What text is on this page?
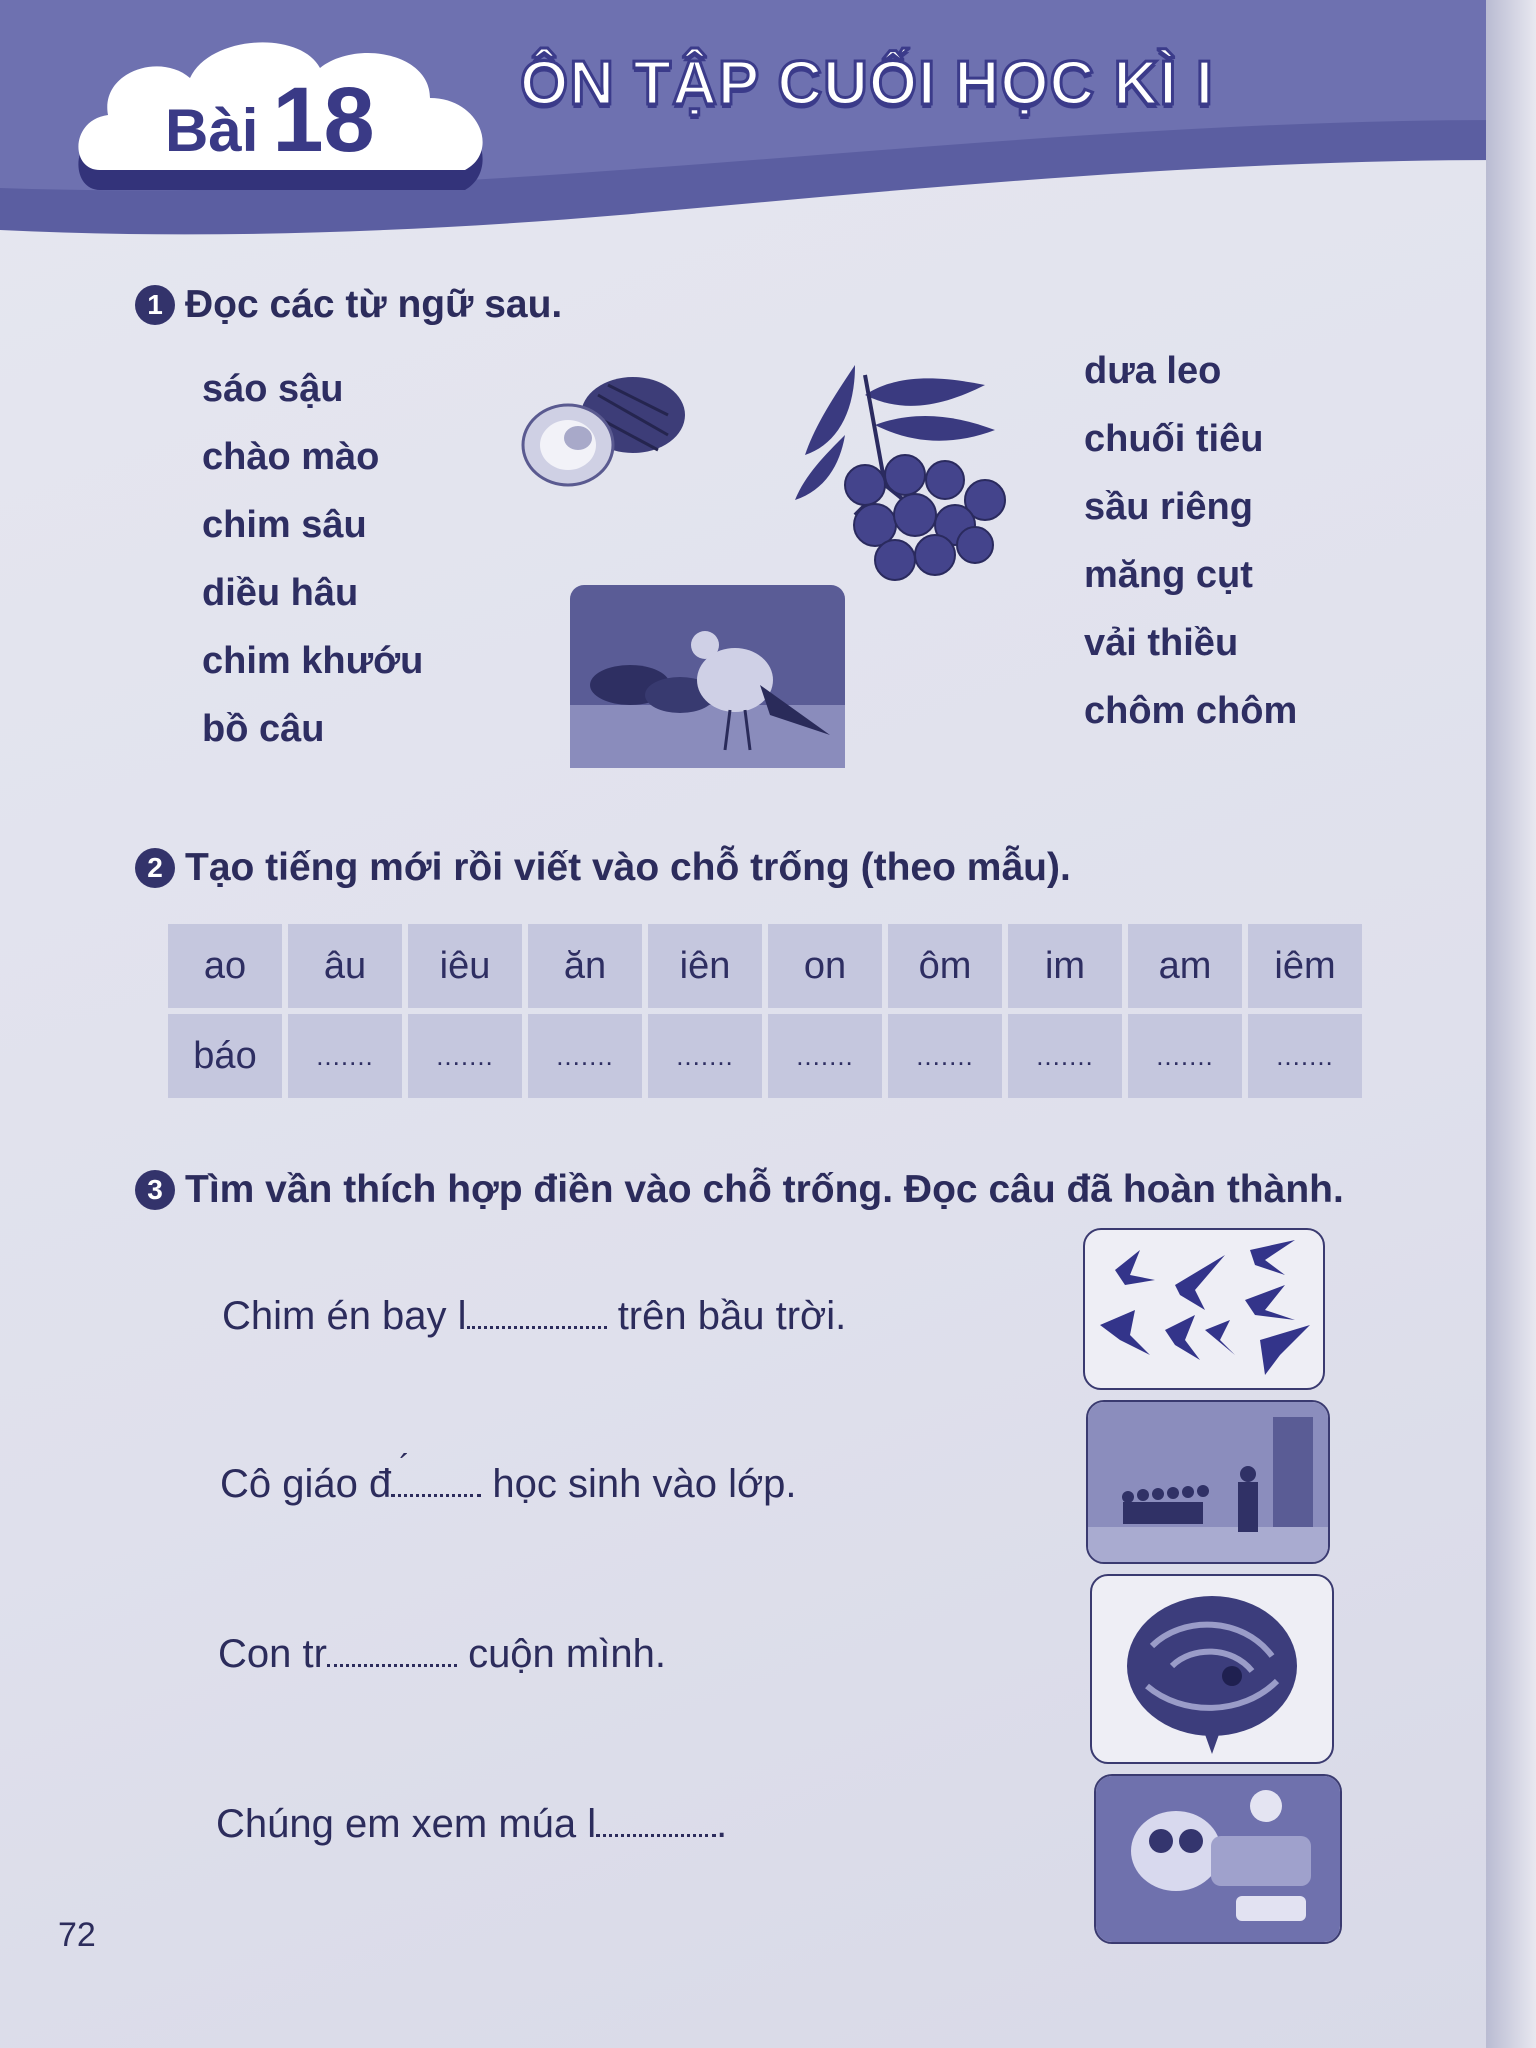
Bài 18 ÔN TẬP CUỐI HỌC KÌ I
1 Đọc các từ ngữ sau.
sáo sậu
chào mào
chim sâu
diều hâu
chim khướu
bồ câu
dưa leo
chuối tiêu
sầu riêng
măng cụt
vải thiều
chôm chôm
2 Tạo tiếng mới rồi viết vào chỗ trống (theo mẫu).
ao	âu	iêu	ăn	iên	on	ôm	im	am	iêm
báo	.......	.......	.......	.......	.......	.......	.......	.......	.......
3 Tìm vần thích hợp điền vào chỗ trống. Đọc câu đã hoàn thành.
Chim én bay l	trên bầu trời.
Cô giáo đ ´ học sinh vào lớp.
Con tr	cuộn mình.
Chúng em xem múa l	.
72
